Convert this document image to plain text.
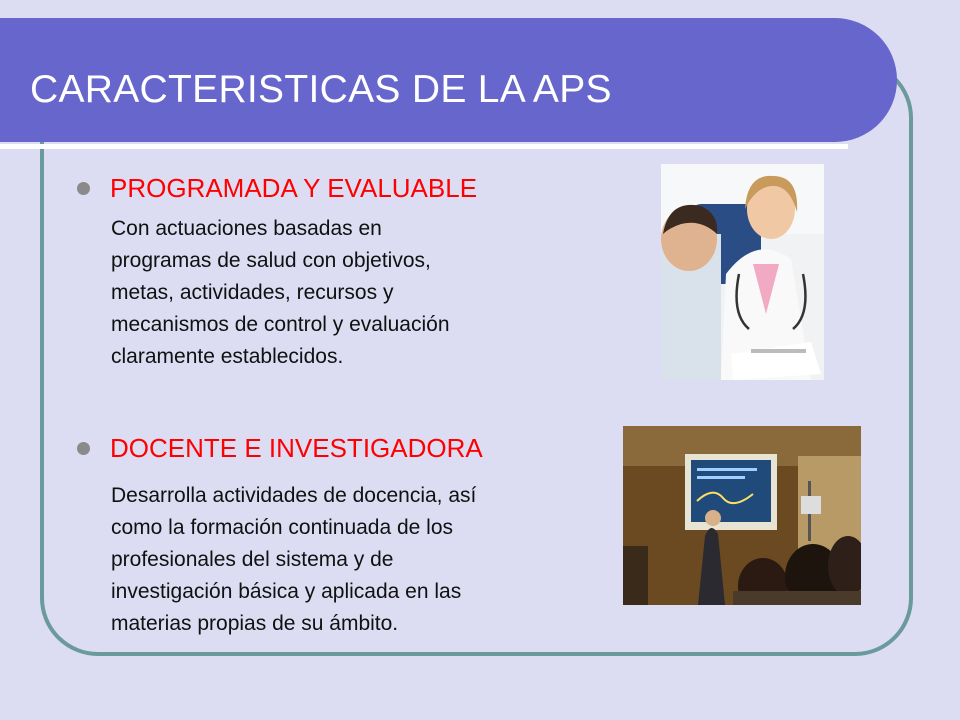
CARACTERISTICAS DE LA APS
PROGRAMADA Y EVALUABLE
Con actuaciones basadas en
programas de salud con objetivos,
metas, actividades, recursos y
mecanismos de control y evaluación
claramente establecidos.
DOCENTE E INVESTIGADORA
Desarrolla actividades de docencia, así
como la formación continuada de los
profesionales del sistema y de
investigación básica y aplicada en las
materias propias de su ámbito.
